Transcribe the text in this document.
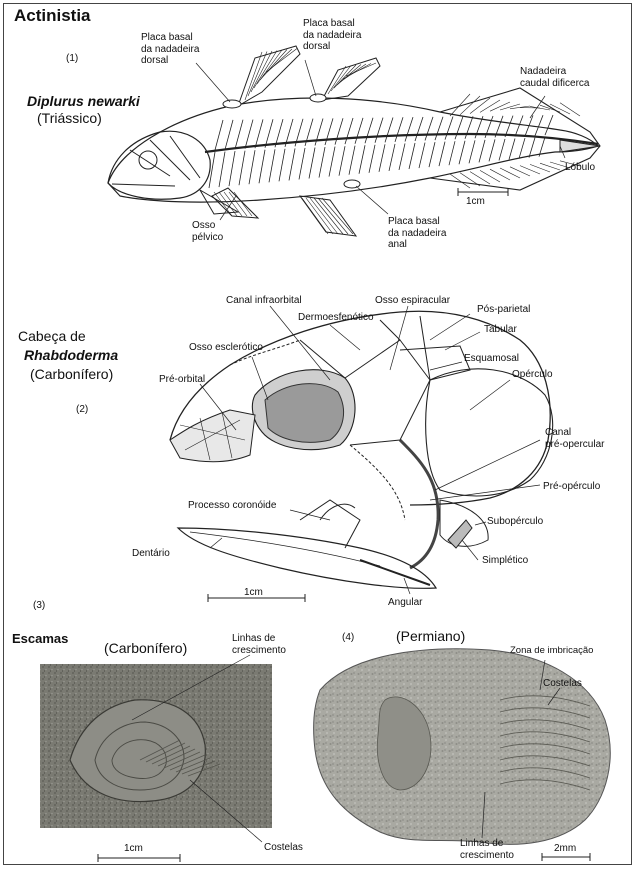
Actinistia
(1)
Diplurus newarki
(Triássico)
Placa basal
da nadadeira
dorsal
Placa basal
da nadadeira
dorsal
Nadadeira
caudal dificerca
Lóbulo
1cm
Osso
pélvico
Placa basal
da nadadeira
anal
Cabeça de
Rhabdoderma
(Carbonífero)
(2)
Canal infraorbital
Dermoesfenótico
Osso espiracular
Pós-parietal
Tabular
Osso esclerótico
Esquamosal
Opérculo
Pré-orbital
Canal
pré-opercular
Pré-opérculo
Processo coronóide
Subopérculo
Dentário
Simplético
1cm
Angular
(3)
Escamas
(Carbonífero)
Linhas de
crescimento
Costelas
1cm
(4)	(Permiano)
Zona de imbricação
Costelas
Linhas de
crescimento
2mm
